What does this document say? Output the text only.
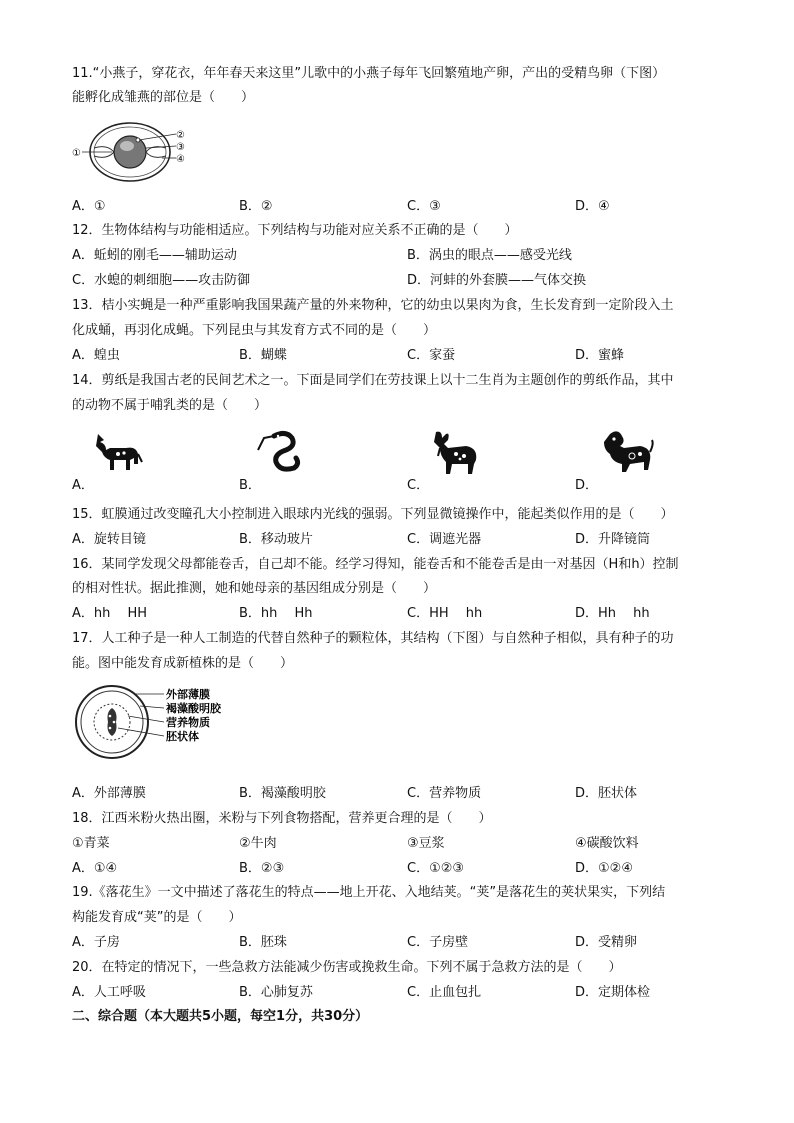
11.“小燕子，穿花衣，年年春天来这里”儿歌中的小燕子每年飞回繁殖地产卵，产出的受精鸟卵（下图）
能孵化成雏燕的部位是（　　）
①
②
③
④
A．①	B．②	C．③	D．④
12．生物体结构与功能相适应。下列结构与功能对应关系不正确的是（　　）
A．蚯蚓的刚毛——辅助运动	B．涡虫的眼点——感受光线
C．水螅的刺细胞——攻击防御	D．河蚌的外套膜——气体交换
13．桔小实蝇是一种严重影响我国果蔬产量的外来物种，它的幼虫以果肉为食，生长发育到一定阶段入土
化成蛹，再羽化成蝇。下列昆虫与其发育方式不同的是（　　）
A．蝗虫	B．蝴蝶	C．家蚕	D．蜜蜂
14．剪纸是我国古老的民间艺术之一。下面是同学们在劳技课上以十二生肖为主题创作的剪纸作品，其中
的动物不属于哺乳类的是（　　）
A．	B．	C．	D．
15．虹膜通过改变瞳孔大小控制进入眼球内光线的强弱。下列显微镜操作中，能起类似作用的是（　　）
A．旋转目镜	B．移动玻片	C．调遮光器	D．升降镜筒
16．某同学发现父母都能卷舌，自己却不能。经学习得知，能卷舌和不能卷舌是由一对基因（H和h）控制
的相对性状。据此推测，她和她母亲的基因组成分别是（　　）
A．hh　 HH	B．hh　 Hh	C．HH　 hh	D．Hh　 hh
17．人工种子是一种人工制造的代替自然种子的颗粒体，其结构（下图）与自然种子相似，具有种子的功
能。图中能发育成新植株的是（　　）
外部薄膜
褐藻酸明胶
营养物质
胚状体
A．外部薄膜	B．褐藻酸明胶	C．营养物质	D．胚状体
18．江西米粉火热出圈，米粉与下列食物搭配，营养更合理的是（　　）
①青菜	②牛肉	③豆浆	④碳酸饮料
A．①④	B．②③	C．①②③	D．①②④
19.《落花生》一文中描述了落花生的特点——地上开花、入地结荚。“荚”是落花生的荚状果实，下列结
构能发育成“荚”的是（　　）
A．子房	B．胚珠	C．子房壁	D．受精卵
20．在特定的情况下，一些急救方法能减少伤害或挽救生命。下列不属于急救方法的是（　　）
A．人工呼吸	B．心肺复苏	C．止血包扎	D．定期体检
二、综合题（本大题共5小题，每空1分，共30分）
